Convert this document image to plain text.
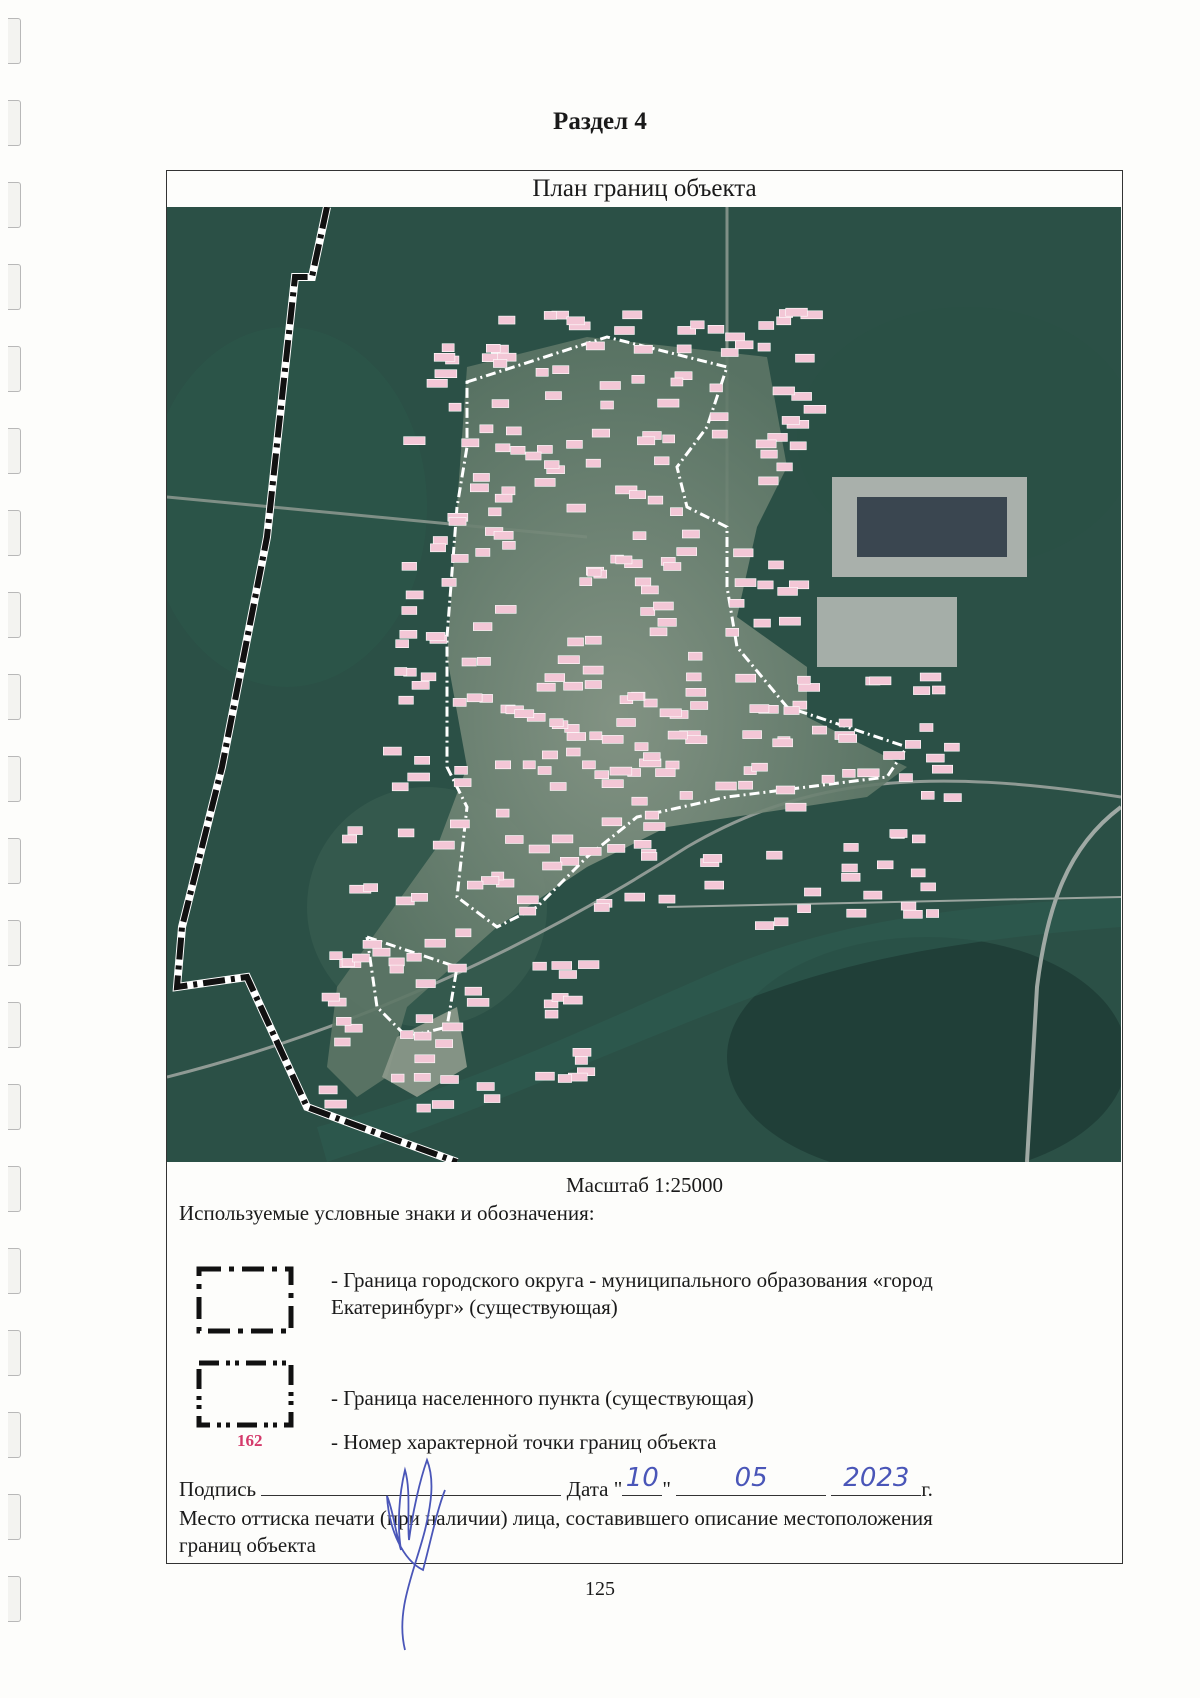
Раздел 4
План границ объекта
Масштаб 1:25000
Используемые условные знаки и обозначения:
- Граница городского округа - муниципального образования «город
Екатеринбург» (существующая)
- Граница населенного пункта (существующая)
162	- Номер характерной точки границ объекта
Подпись	Дата " 10 "	05
	2023 г.
Место оттиска печати (при наличии) лица, составившего описание местоположения
границ объекта
125
